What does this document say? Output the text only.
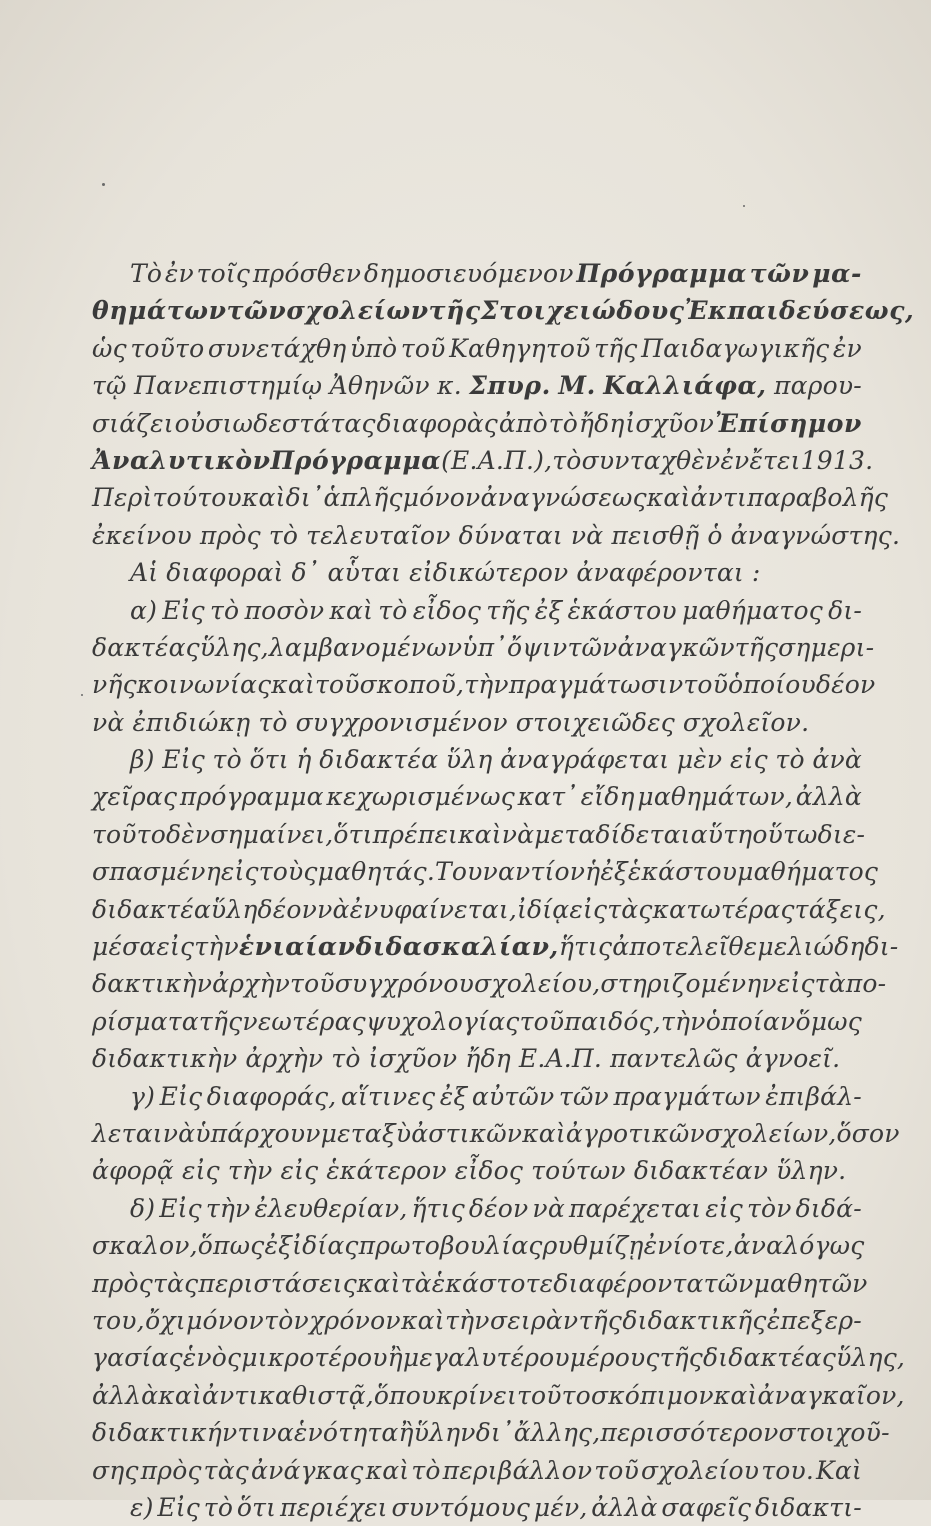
Τὸ ἐν τοῖς πρόσθεν δημοσιευόμενον Πρόγραμμα τῶν μα-
θημάτων τῶν σχολείων τῆς Στοιχειώδους Ἐκπαιδεύσεως,
ὡς τοῦτο συνετάχθη ὑπὸ τοῦ Καθηγητοῦ τῆς Παιδαγωγικῆς ἐν
τῷ Πανεπιστημίῳ Ἀθηνῶν κ. Σπυρ. Μ. Καλλιάφα, παρου-
σιάζει οὐσιωδεστάτας διαφορὰς ἀπὸ τὸ ἤδη ἰσχῦον Ἐπίσημον
Ἀναλυτικὸν Πρόγραμμα (Ε.Α.Π.), τὸ συνταχθὲν ἐν ἔτει 1913.
Περὶ τούτου καὶ δι᾽ ἁπλῆς μόνον ἀναγνώσεως καὶ ἀντιπαραβολῆς
ἐκείνου πρὸς τὸ τελευταῖον δύναται νὰ πεισθῇ ὁ ἀναγνώστης.
Αἱ διαφοραὶ δ᾽ αὗται εἰδικώτερον ἀναφέρονται :
α) Εἰς τὸ ποσὸν καὶ τὸ εἶδος τῆς ἐξ ἑκάστου μαθήματος δι-
δακτέας ὕλης, λαμβανομένων ὑπ᾽ ὄψιν τῶν ἀναγκῶν τῆς σημερι-
νῆς κοινωνίας καὶ τοῦ σκοποῦ, τὴν πραγμάτωσιν τοῦ ὁποίου δέον
νὰ ἐπιδιώκῃ τὸ συγχρονισμένον στοιχειῶδες σχολεῖον.
β) Εἰς τὸ ὅτι ἡ διδακτέα ὕλη ἀναγράφεται μὲν εἰς τὸ ἀνὰ
χεῖρας πρόγραμμα κεχωρισμένως κατ᾽ εἴδη μαθημάτων, ἀλλὰ
τοῦτο δὲν σημαίνει, ὅτι πρέπει καὶ νὰ μεταδίδεται αὕτη οὕτω διε-
σπασμένη εἰς τοὺς μαθητάς. Τουναντίον ἡ ἐξ ἑκάστου μαθήματος
διδακτέα ὕλη δέον νὰ ἐνυφαίνεται, ἰδίᾳ εἰς τὰς κατωτέρας τάξεις,
μέσα εἰς τὴν ἑνιαίαν διδασκαλίαν, ἥτις ἀποτελεῖ θεμελιώδη δι-
δακτικὴν ἀρχὴν τοῦ συγχρόνου σχολείου, στηριζομένην εἰς τὰ πο-
ρίσματα τῆς νεωτέρας ψυχολογίας τοῦ παιδός, τὴν ὁποίαν ὅμως
διδακτικὴν ἀρχὴν τὸ ἰσχῦον ἤδη Ε.Α.Π. παντελῶς ἀγνοεῖ.
γ) Εἰς διαφοράς, αἵτινες ἐξ αὐτῶν τῶν πραγμάτων ἐπιβάλ-
λεται νὰ ὑπάρχουν μεταξὺ ἀστικῶν καὶ ἀγροτικῶν σχολείων, ὅσον
ἀφορᾷ εἰς τὴν εἰς ἑκάτερον εἶδος τούτων διδακτέαν ὕλην.
δ) Εἰς τὴν ἐλευθερίαν, ἥτις δέον νὰ παρέχεται εἰς τὸν διδά-
σκαλον, ὅπως ἐξ ἰδίας πρωτοβουλίας ρυθμίζῃ ἐνίοτε, ἀναλόγως
πρὸς τὰς περιστάσεις καὶ τὰ ἑκάστοτε διαφέροντα τῶν μαθητῶν
του, ὄχι μόνον τὸν χρόνον καὶ τὴν σειρὰν τῆς διδακτικῆς ἐπεξερ-
γασίας ἑνὸς μικροτέρου ἢ μεγαλυτέρου μέρους τῆς διδακτέας ὕλης,
ἀλλὰ καὶ ἀντικαθιστᾷ, ὅπου κρίνει τοῦτο σκόπιμον καὶ ἀναγκαῖον,
διδακτικήν τινα ἑνότητα ἢ ὕλην δι᾽ ἄλλης, περισσότερον στοιχοῦ-
σης πρὸς τὰς ἀνάγκας καὶ τὸ περιβάλλον τοῦ σχολείου του. Καὶ
ε) Εἰς τὸ ὅτι περιέχει συντόμους μέν, ἀλλὰ σαφεῖς διδακτι-
